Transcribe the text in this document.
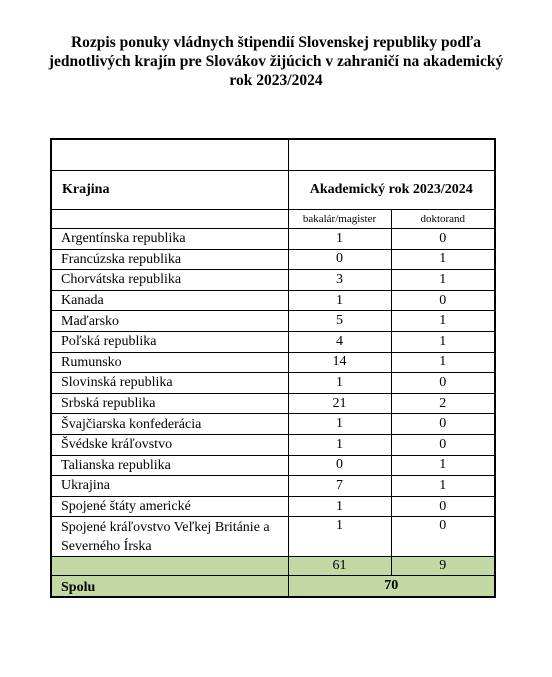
Rozpis ponuky vládnych štipendií Slovenskej republiky podľa
jednotlivých krajín pre Slovákov žijúcich v zahraničí na akademický
rok 2023/2024

Krajina	Akademický rok 2023/2024	
	bakalár/magister	doktorand
Argentínska republika	1	0
Francúzska republika	0	1
Chorvátska republika	3	1
Kanada	1	0
Maďarsko	5	1
Poľská republika	4	1
Rumunsko	14	1
Slovinská republika	1	0
Srbská republika	21	2
Švajčiarska konfederácia	1	0
Švédske kráľovstvo	1	0
Talianska republika	0	1
Ukrajina	7	1
Spojené štáty americké	1	0
Spojené kráľovstvo Veľkej Británie a Severného Írska	1	0
	61	9
Spolu	70	
